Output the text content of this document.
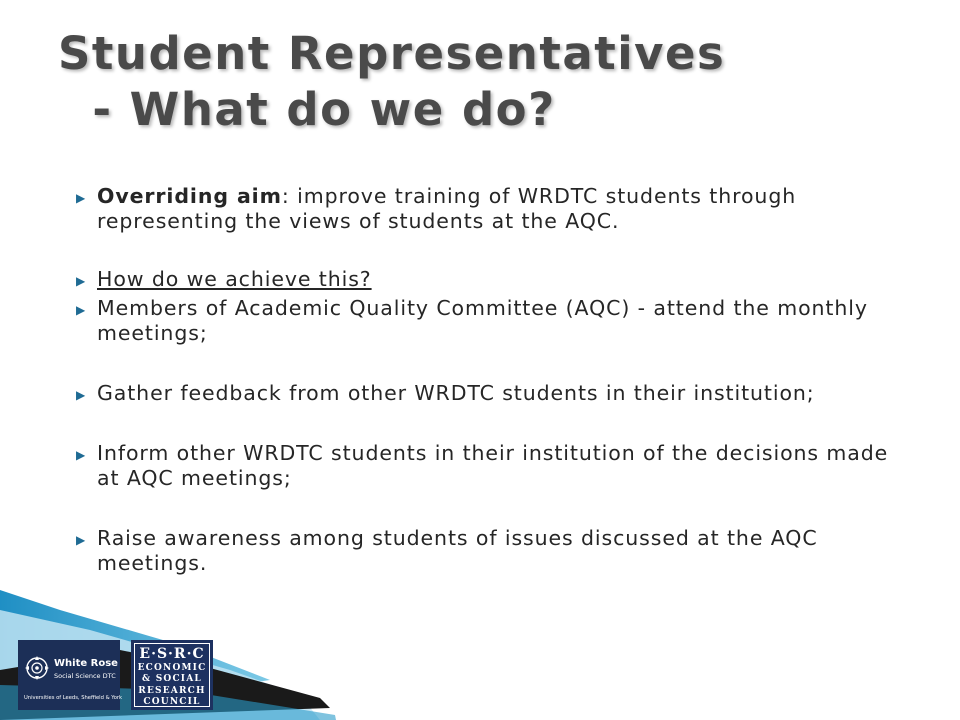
Student Representatives
- What do we do?
▶ Overriding aim: improve training of WRDTC students through representing the views of students at the AQC.
▶ How do we achieve this?
▶ Members of Academic Quality Committee (AQC) - attend the monthly meetings;
▶ Gather feedback from other WRDTC students in their institution;
▶ Inform other WRDTC students in their institution of the decisions made at AQC meetings;
▶ Raise awareness among students of issues discussed at the AQC meetings.
White Rose
Social Science DTC
Universities of Leeds, Sheffield & York
E·S·R·C
ECONOMIC
& SOCIAL
RESEARCH
COUNCIL
